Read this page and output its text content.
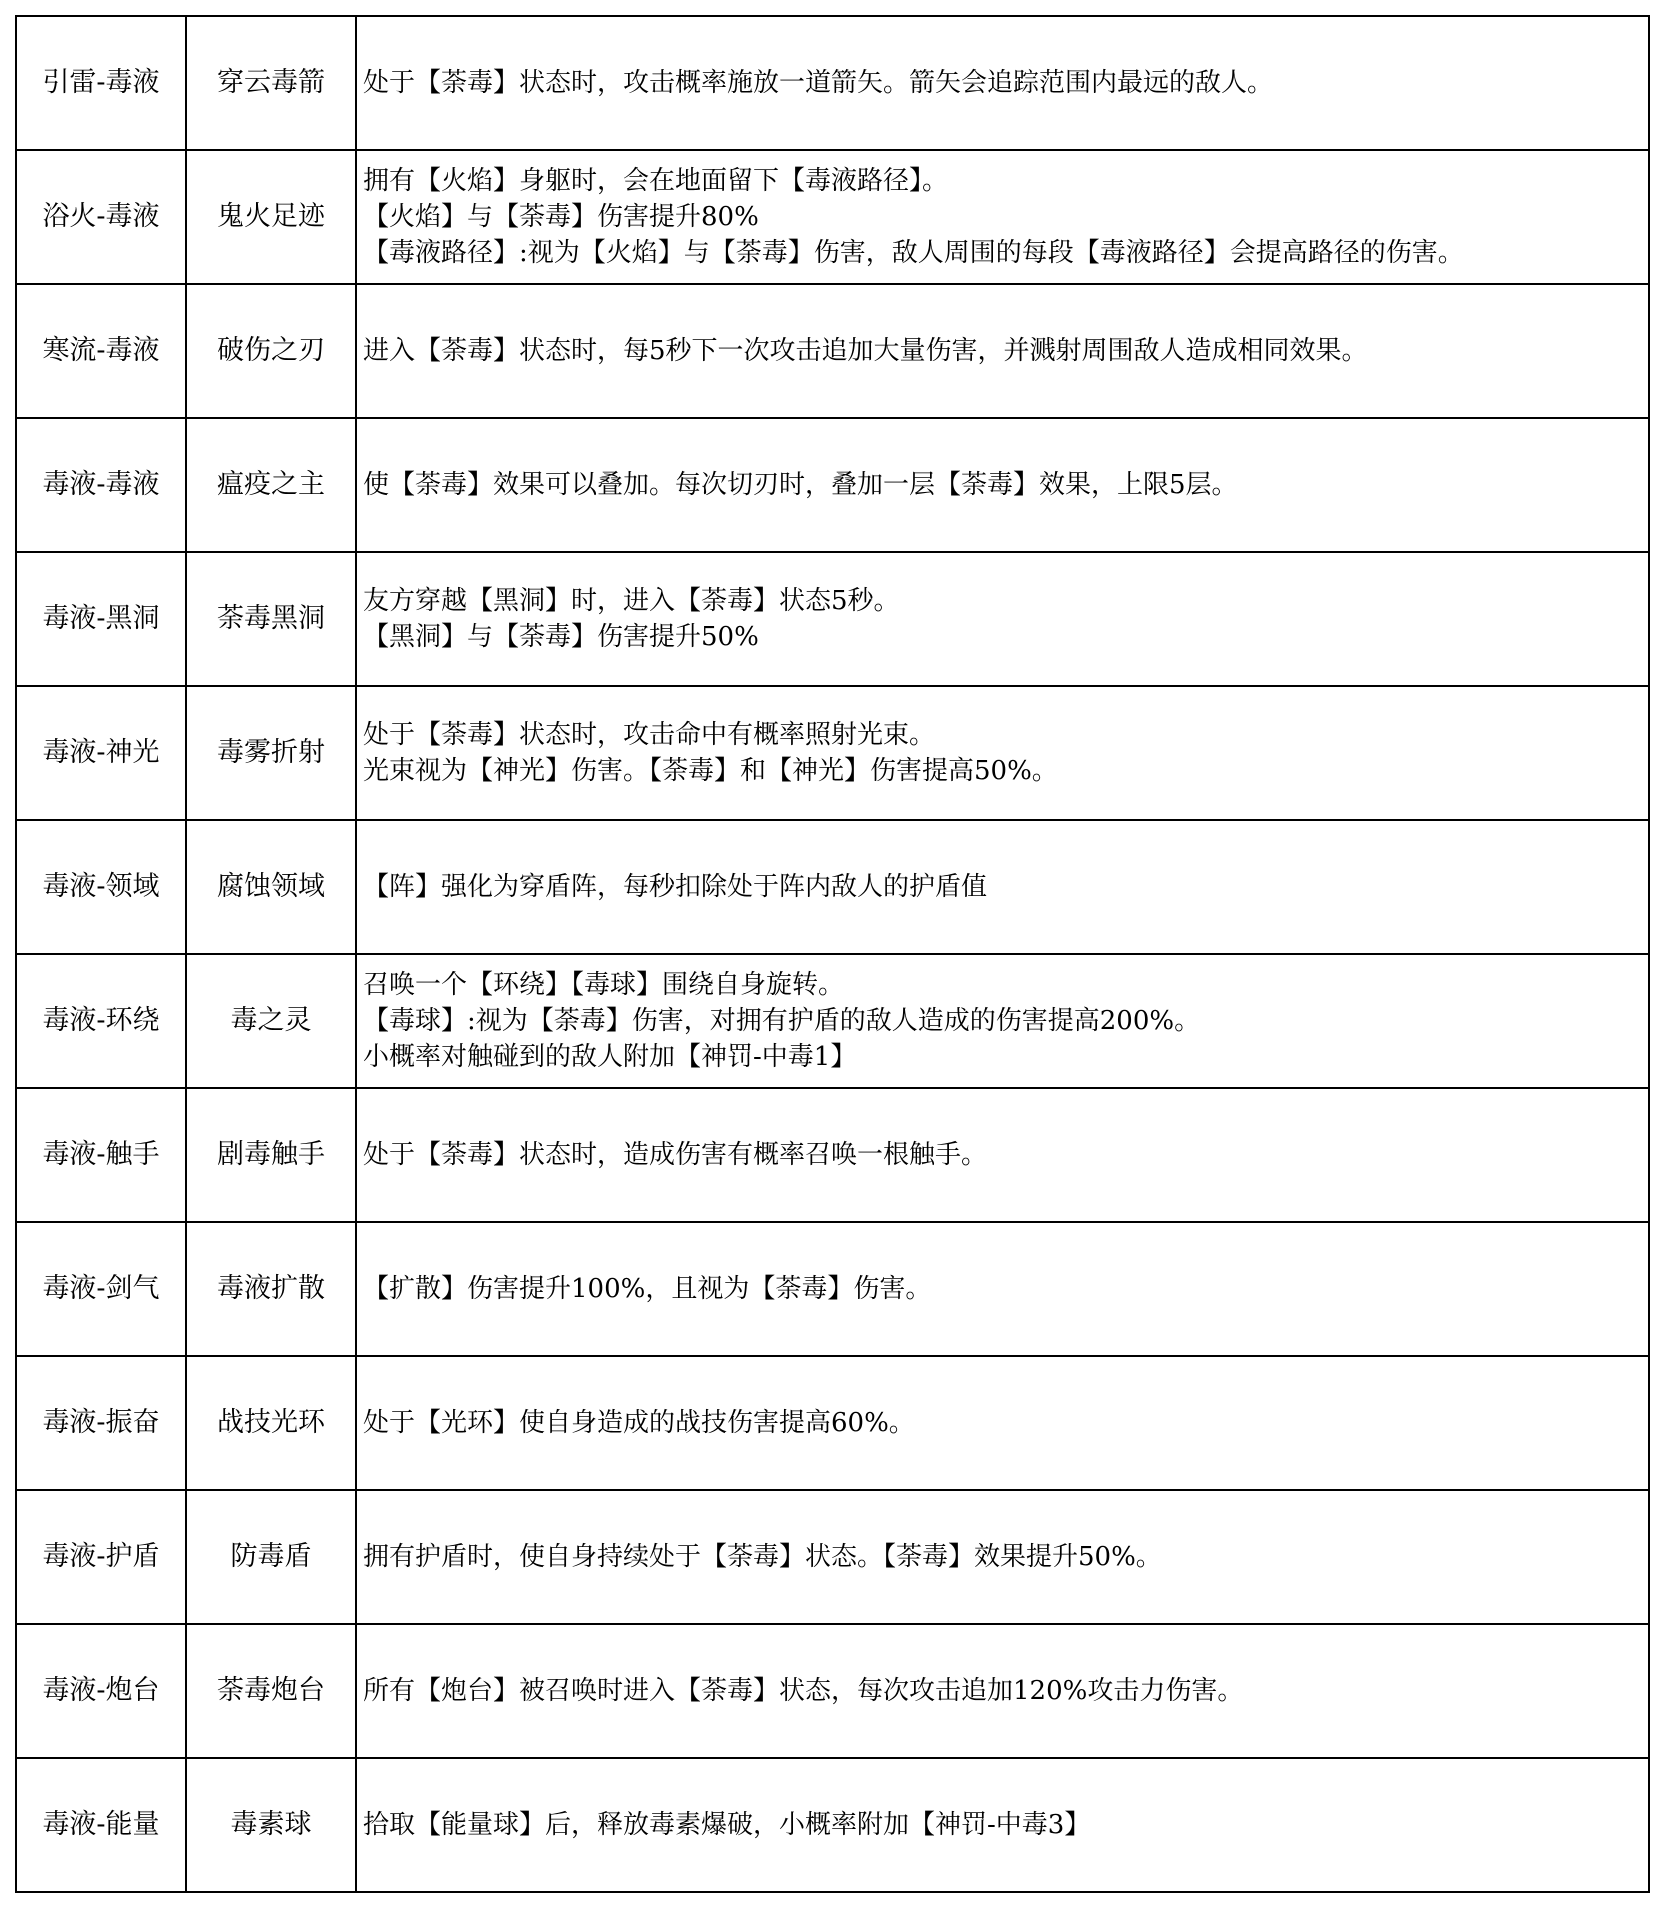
引雷-毒液	穿云毒箭	处于【荼毒】状态时，攻击概率施放一道箭矢。箭矢会追踪范围内最远的敌人。

浴火-毒液	鬼火足迹	拥有【火焰】身躯时，会在地面留下【毒液路径】。
【火焰】与【荼毒】伤害提升80%
【毒液路径】:视为【火焰】与【荼毒】伤害，敌人周围的每段【毒液路径】会提高路径的伤害。

寒流-毒液	破伤之刃	进入【荼毒】状态时，每5秒下一次攻击追加大量伤害，并溅射周围敌人造成相同效果。

毒液-毒液	瘟疫之主	使【荼毒】效果可以叠加。每次切刃时，叠加一层【荼毒】效果，上限5层。

毒液-黑洞	荼毒黑洞	友方穿越【黑洞】时，进入【荼毒】状态5秒。
【黑洞】与【荼毒】伤害提升50%

毒液-神光	毒雾折射	处于【荼毒】状态时，攻击命中有概率照射光束。
光束视为【神光】伤害。【荼毒】和【神光】伤害提高50%。

毒液-领域	腐蚀领域	【阵】强化为穿盾阵，每秒扣除处于阵内敌人的护盾值

毒液-环绕	毒之灵	召唤一个【环绕】【毒球】围绕自身旋转。
【毒球】:视为【荼毒】伤害，对拥有护盾的敌人造成的伤害提高200%。
小概率对触碰到的敌人附加【神罚-中毒1】

毒液-触手	剧毒触手	处于【荼毒】状态时，造成伤害有概率召唤一根触手。

毒液-剑气	毒液扩散	【扩散】伤害提升100%，且视为【荼毒】伤害。

毒液-振奋	战技光环	处于【光环】使自身造成的战技伤害提高60%。

毒液-护盾	防毒盾	拥有护盾时，使自身持续处于【荼毒】状态。【荼毒】效果提升50%。

毒液-炮台	荼毒炮台	所有【炮台】被召唤时进入【荼毒】状态，每次攻击追加120%攻击力伤害。

毒液-能量	毒素球	拾取【能量球】后，释放毒素爆破，小概率附加【神罚-中毒3】
